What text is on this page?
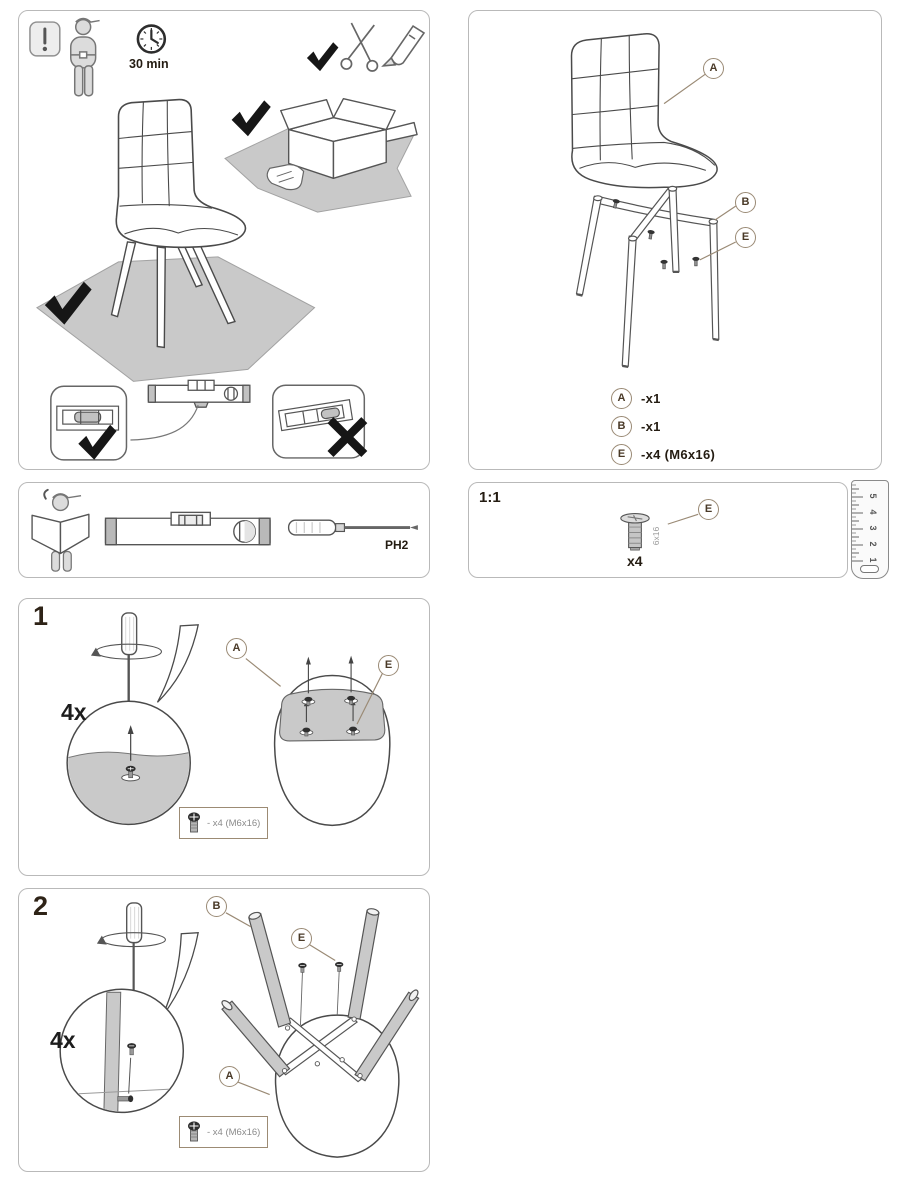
30 min	A
B
E
A	-x1
B	-x1
E	-x4 (M6x16)
PH2
1:1
6x16
x4
E
5
4
3
2
1
1
4x
A
E
- x4 (M6x16)
2
4x
B
E
A
- x4 (M6x16)
